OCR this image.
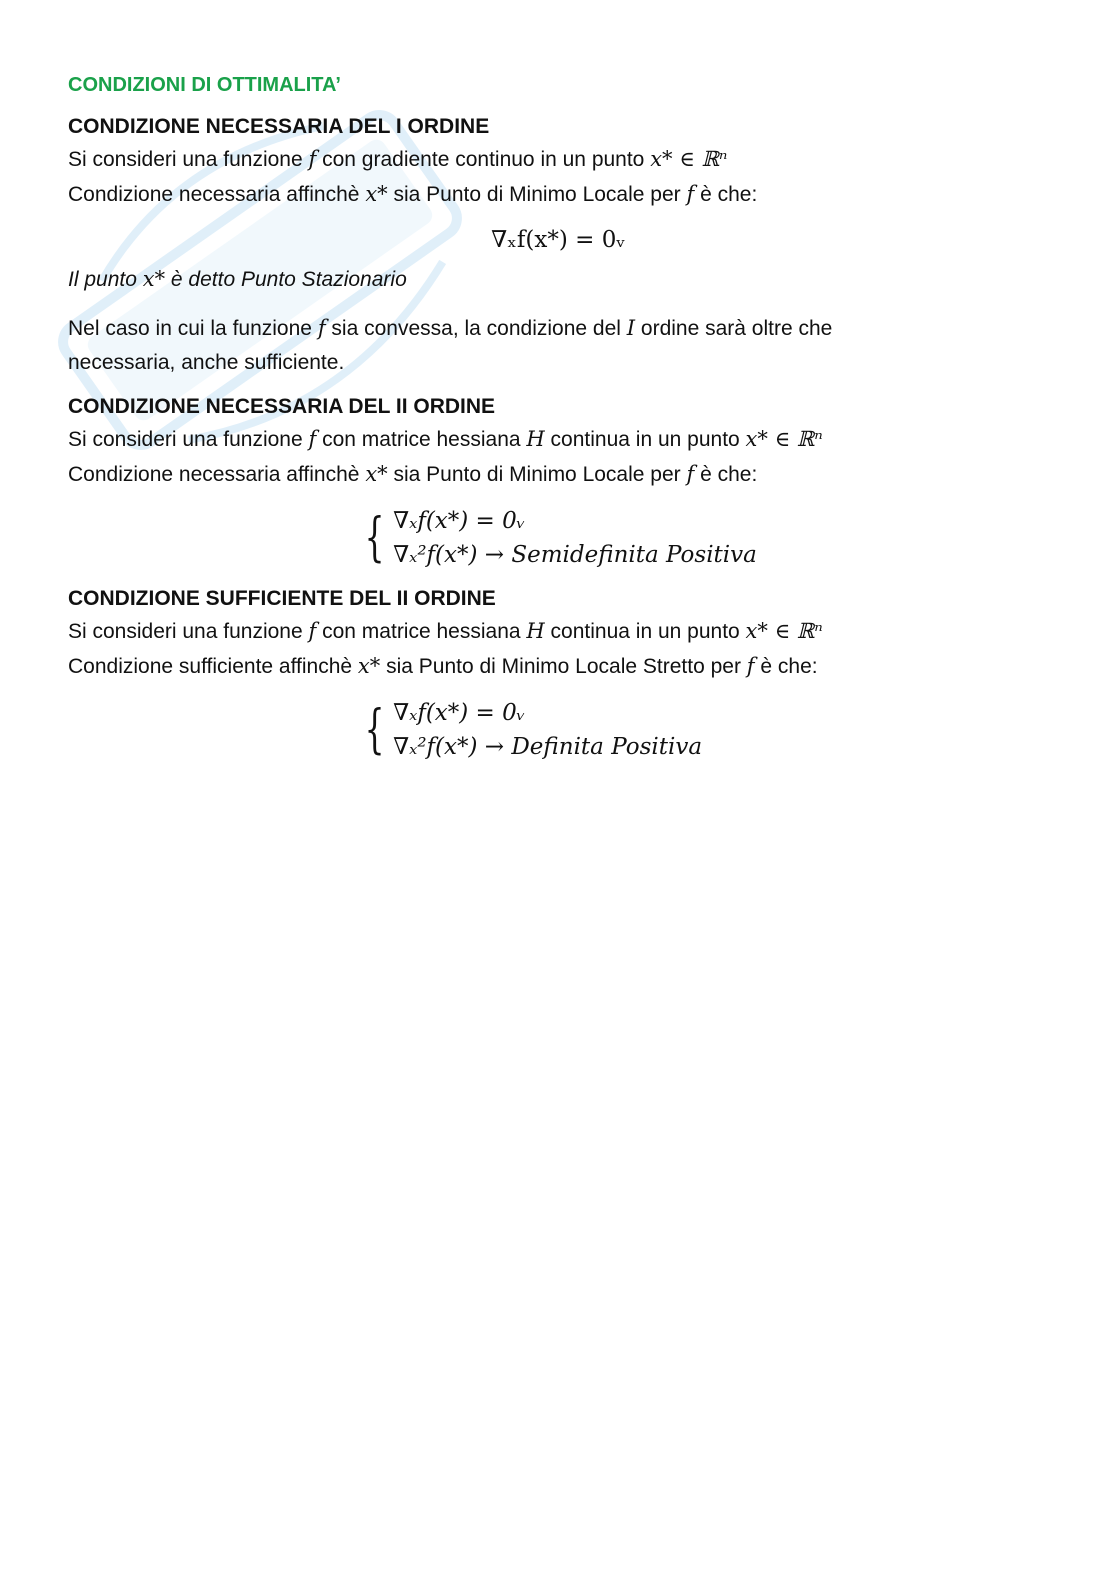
CONDIZIONI DI OTTIMALITA’
CONDIZIONE NECESSARIA DEL I ORDINE
Si consideri una funzione f con gradiente continuo in un punto x* ∈ ℝⁿ
Condizione necessaria affinchè x* sia Punto di Minimo Locale per f è che:
∇ₓf(x*) = 0ᵥ
Il punto x* è detto Punto Stazionario
Nel caso in cui la funzione f sia convessa, la condizione del I ordine sarà oltre che
necessaria, anche sufficiente.
CONDIZIONE NECESSARIA DEL II ORDINE
Si consideri una funzione f con matrice hessiana H continua in un punto x* ∈ ℝⁿ
Condizione necessaria affinchè x* sia Punto di Minimo Locale per f è che:
{ ∇ₓf(x*) = 0ᵥ
∇ₓ²f(x*) → Semidefinita Positiva
CONDIZIONE SUFFICIENTE DEL II ORDINE
Si consideri una funzione f con matrice hessiana H continua in un punto x* ∈ ℝⁿ
Condizione sufficiente affinchè x* sia Punto di Minimo Locale Stretto per f è che:
{ ∇ₓf(x*) = 0ᵥ
∇ₓ²f(x*) → Definita Positiva
